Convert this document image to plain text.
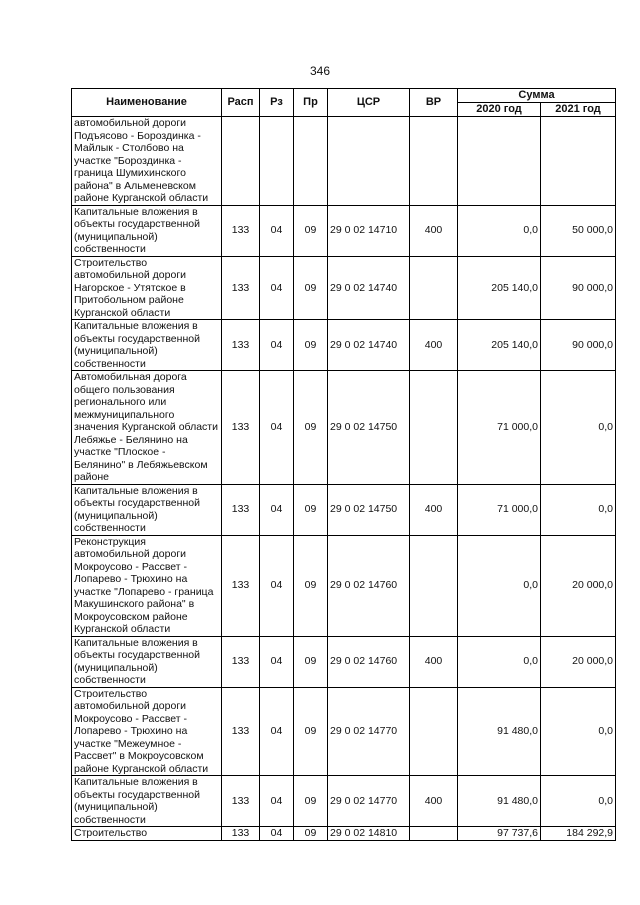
346
Наименование	Расп	Рз	Пр	ЦСР	ВР	Сумма	
						2020 год	2021 год
автомобильной дороги Подъясово - Бороздинка - Майлык - Столбово на участке "Бороздинка - граница Шумихинского района" в Альменевском районе Курганской области							
Капитальные вложения в объекты государственной (муниципальной) собственности	133	04	09	29 0 02 14710	400	0,0	50 000,0
Строительство автомобильной дороги Нагорское - Утятское в Притобольном районе Курганской области	133	04	09	29 0 02 14740		205 140,0	90 000,0
Капитальные вложения в объекты государственной (муниципальной) собственности	133	04	09	29 0 02 14740	400	205 140,0	90 000,0
Автомобильная дорога общего пользования регионального или межмуниципального значения Курганской области Лебяжье - Белянино на участке "Плоское - Белянино" в Лебяжьевском районе	133	04	09	29 0 02 14750		71 000,0	0,0
Капитальные вложения в объекты государственной (муниципальной) собственности	133	04	09	29 0 02 14750	400	71 000,0	0,0
Реконструкция автомобильной дороги Мокроусово - Рассвет - Лопарево - Трюхино на участке "Лопарево - граница Макушинского района" в Мокроусовском районе Курганской области	133	04	09	29 0 02 14760		0,0	20 000,0
Капитальные вложения в объекты государственной (муниципальной) собственности	133	04	09	29 0 02 14760	400	0,0	20 000,0
Строительство автомобильной дороги Мокроусово - Рассвет - Лопарево - Трюхино на участке "Межеумное - Рассвет" в Мокроусовском районе Курганской области	133	04	09	29 0 02 14770		91 480,0	0,0
Капитальные вложения в объекты государственной (муниципальной) собственности	133	04	09	29 0 02 14770	400	91 480,0	0,0
Строительство	133	04	09	29 0 02 14810		97 737,6	184 292,9
